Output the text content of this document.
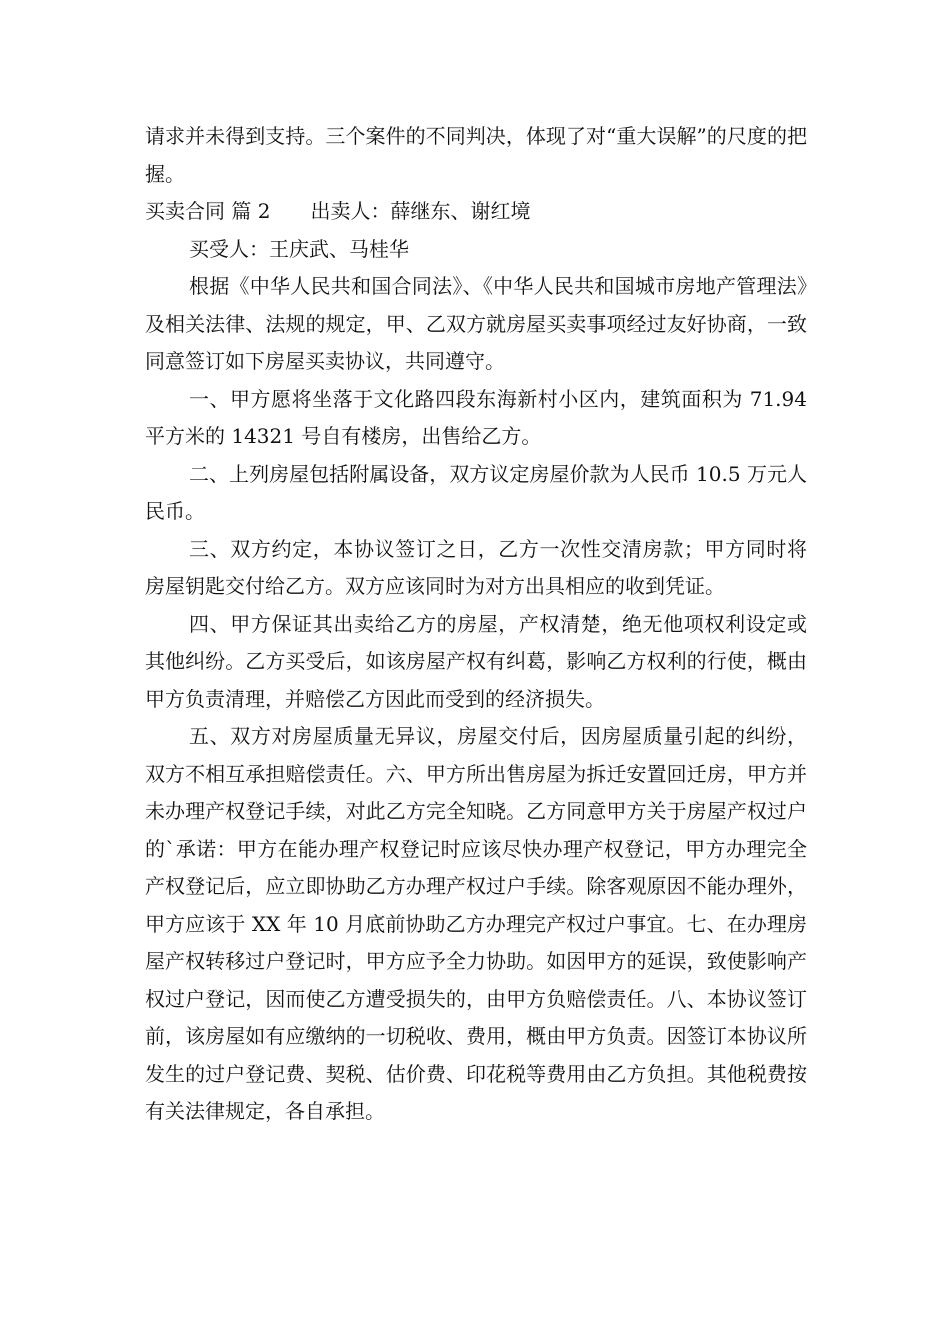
请求并未得到支持。三个案件的不同判决，体现了对“重大误解”的尺度的把握。

买卖合同 篇 2 出卖人：薛继东、谢红境

买受人：王庆武、马桂华

根据《中华人民共和国合同法》、《中华人民共和国城市房地产管理法》及相关法律、法规的规定，甲、乙双方就房屋买卖事项经过友好协商，一致同意签订如下房屋买卖协议，共同遵守。

一、甲方愿将坐落于文化路四段东海新村小区内，建筑面积为 71.94 平方米的 14321 号自有楼房，出售给乙方。

二、上列房屋包括附属设备，双方议定房屋价款为人民币 10.5 万元人民币。

三、双方约定，本协议签订之日，乙方一次性交清房款；甲方同时将房屋钥匙交付给乙方。双方应该同时为对方出具相应的收到凭证。

四、甲方保证其出卖给乙方的房屋，产权清楚，绝无他项权利设定或其他纠纷。乙方买受后，如该房屋产权有纠葛，影响乙方权利的行使，概由甲方负责清理，并赔偿乙方因此而受到的经济损失。

五、双方对房屋质量无异议，房屋交付后，因房屋质量引起的纠纷，双方不相互承担赔偿责任。六、甲方所出售房屋为拆迁安置回迁房，甲方并未办理产权登记手续，对此乙方完全知晓。乙方同意甲方关于房屋产权过户的`承诺：甲方在能办理产权登记时应该尽快办理产权登记，甲方办理完全产权登记后，应立即协助乙方办理产权过户手续。除客观原因不能办理外，甲方应该于 XX 年 10 月底前协助乙方办理完产权过户事宜。七、在办理房屋产权转移过户登记时，甲方应予全力协助。如因甲方的延误，致使影响产权过户登记，因而使乙方遭受损失的，由甲方负赔偿责任。八、本协议签订前，该房屋如有应缴纳的一切税收、费用，概由甲方负责。因签订本协议所发生的过户登记费、契税、估价费、印花税等费用由乙方负担。其他税费按有关法律规定，各自承担。
